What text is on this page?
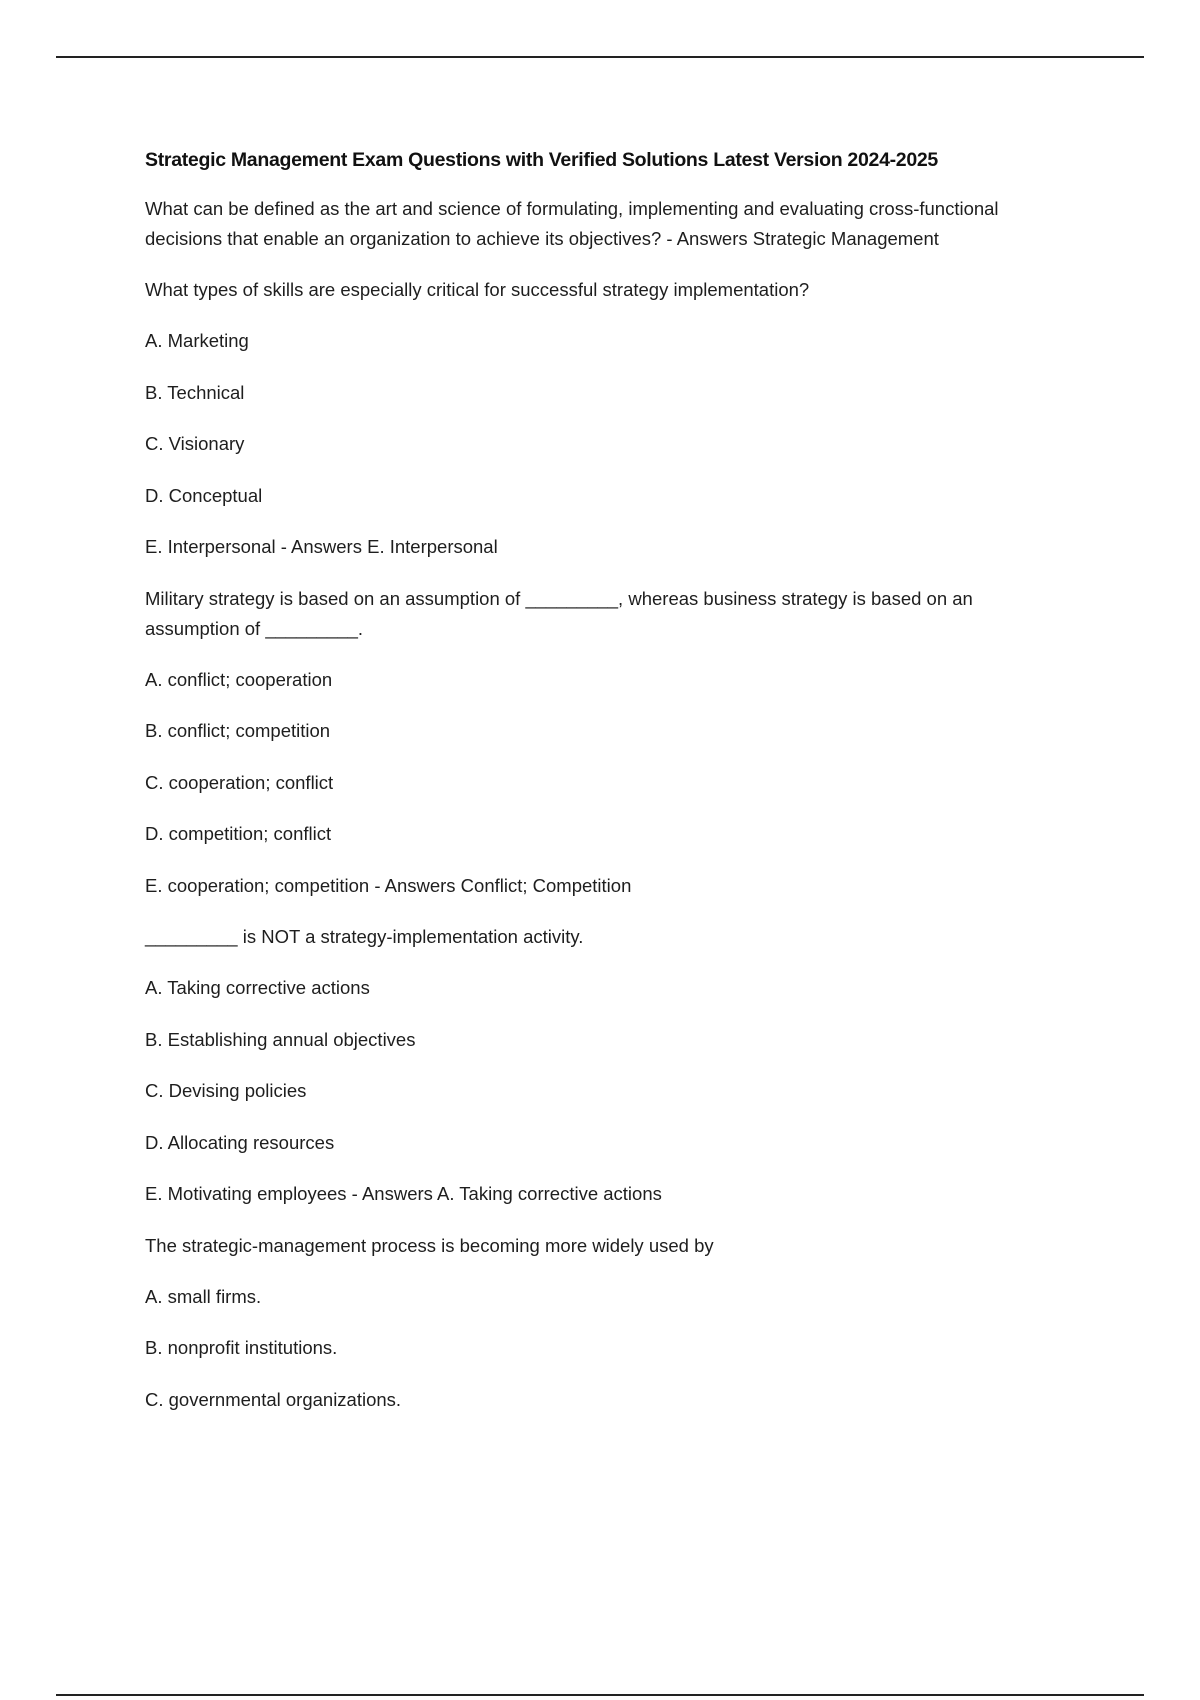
Strategic Management Exam Questions with Verified Solutions Latest Version 2024-2025
What can be defined as the art and science of formulating, implementing and evaluating cross-functional decisions that enable an organization to achieve its objectives? - Answers Strategic Management
What types of skills are especially critical for successful strategy implementation?
A. Marketing
B. Technical
C. Visionary
D. Conceptual
E. Interpersonal - Answers E. Interpersonal
Military strategy is based on an assumption of _________, whereas business strategy is based on an assumption of _________.
A. conflict; cooperation
B. conflict; competition
C. cooperation; conflict
D. competition; conflict
E. cooperation; competition - Answers Conflict; Competition
_________ is NOT a strategy-implementation activity.
A. Taking corrective actions
B. Establishing annual objectives
C. Devising policies
D. Allocating resources
E. Motivating employees - Answers A. Taking corrective actions
The strategic-management process is becoming more widely used by
A. small firms.
B. nonprofit institutions.
C. governmental organizations.
